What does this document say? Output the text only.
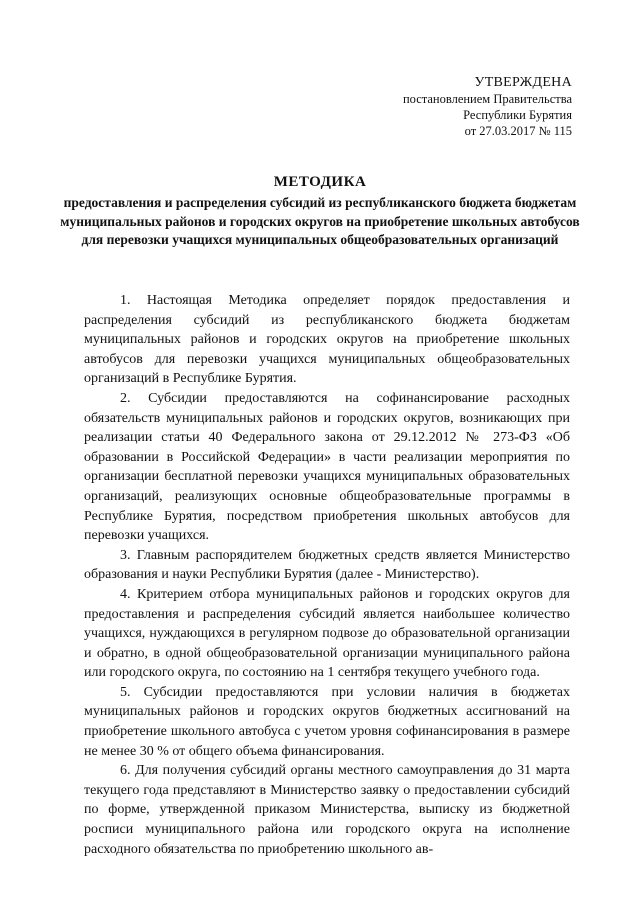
УТВЕРЖДЕНА
постановлением Правительства
Республики Бурятия
от 27.03.2017 № 115
МЕТОДИКА
предоставления и распределения субсидий из республиканского бюджета бюджетам муниципальных районов и городских округов на приобретение школьных автобусов для перевозки учащихся муниципальных общеобразовательных организаций

1. Настоящая Методика определяет порядок предоставления и распределения субсидий из республиканского бюджета бюджетам муниципальных районов и городских округов на приобретение школьных автобусов для перевозки учащихся муниципальных общеобразовательных организаций в Республике Бурятия.

2. Субсидии предоставляются на софинансирование расходных обязательств муниципальных районов и городских округов, возникающих при реализации статьи 40 Федерального закона от 29.12.2012 № 273-ФЗ «Об образовании в Российской Федерации» в части реализации мероприятия по организации бесплатной перевозки учащихся муниципальных образовательных организаций, реализующих основные общеобразовательные программы в Республикe Бурятия, посредством приобретения школьных автобусов для перевозки учащихся.

3. Главным распорядителем бюджетных средств является Министерство образования и науки Республики Бурятия (далее - Министерство).

4. Критерием отбора муниципальных районов и городских округов для предоставления и распределения субсидий является наибольшее количество учащихся, нуждающихся в регулярном подвозе до образовательной организации и обратно, в одной общеобразовательной организации муниципального района или городского округа, по состоянию на 1 сентября текущего учебного года.

5. Субсидии предоставляются при условии наличия в бюджетах муниципальных районов и городских округов бюджетных ассигнований на приобретение школьного автобуса с учетом уровня софинансирования в размере не менее 30 % от общего объема финансирования.

6. Для получения субсидий органы местного самоуправления до 31 марта текущего года представляют в Министерство заявку о предоставлении субсидий по форме, утвержденной приказом Министерства, выписку из бюджетной росписи муниципального района или городского округа на исполнение расходного обязательства по приобретению школьного ав-
